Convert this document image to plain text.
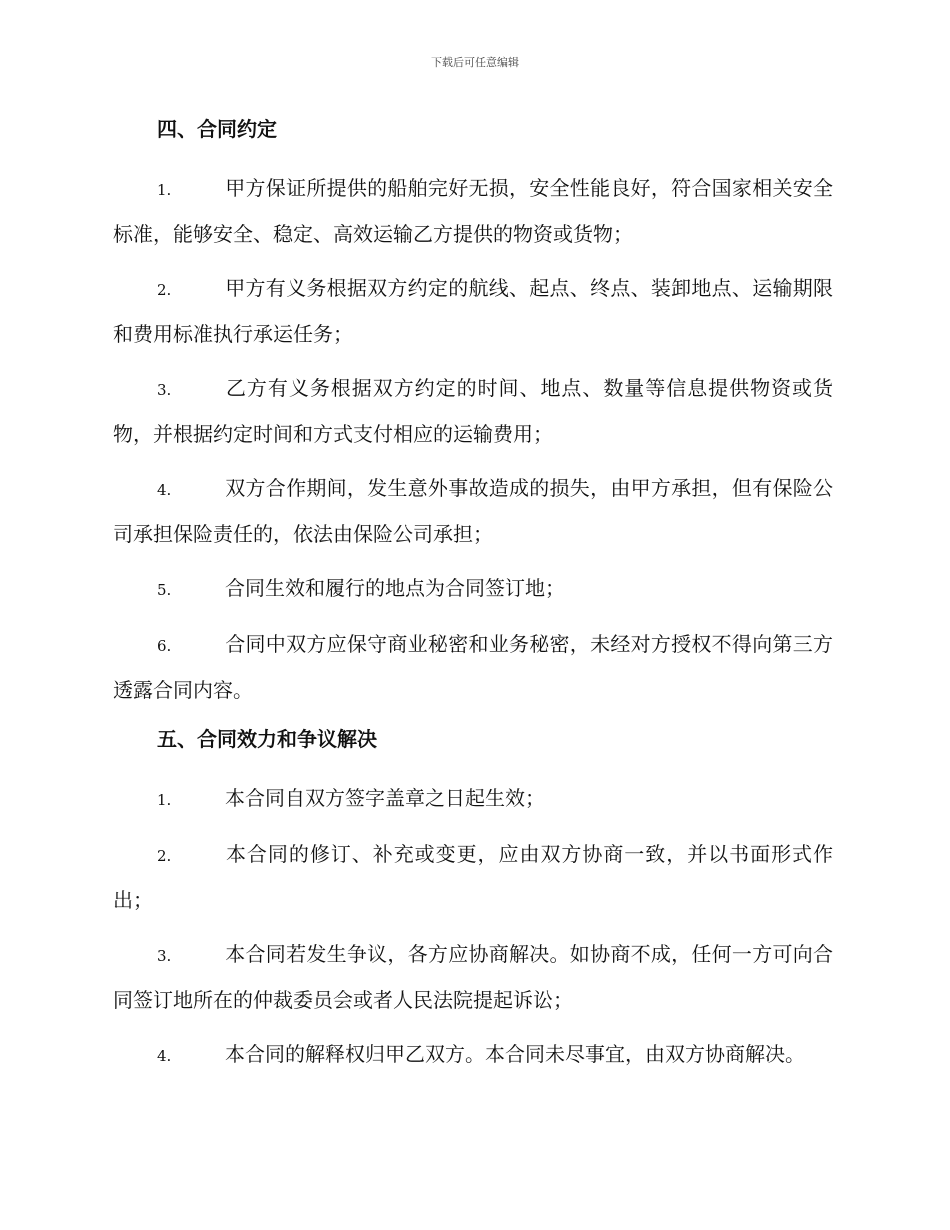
下载后可任意编辑
四、合同约定

1.	甲方保证所提供的船舶完好无损，安全性能良好，符合国家相关安全标准，能够安全、稳定、高效运输乙方提供的物资或货物；

2.	甲方有义务根据双方约定的航线、起点、终点、装卸地点、运输期限和费用标准执行承运任务；

3.	乙方有义务根据双方约定的时间、地点、数量等信息提供物资或货物，并根据约定时间和方式支付相应的运输费用；

4.	双方合作期间，发生意外事故造成的损失，由甲方承担，但有保险公司承担保险责任的，依法由保险公司承担；

5.	合同生效和履行的地点为合同签订地；

6.	合同中双方应保守商业秘密和业务秘密，未经对方授权不得向第三方透露合同内容。

五、合同效力和争议解决

1.	本合同自双方签字盖章之日起生效；

2.	本合同的修订、补充或变更，应由双方协商一致，并以书面形式作出；

3.	本合同若发生争议，各方应协商解决。如协商不成，任何一方可向合同签订地所在的仲裁委员会或者人民法院提起诉讼；

4.	本合同的解释权归甲乙双方。本合同未尽事宜，由双方协商解决。
